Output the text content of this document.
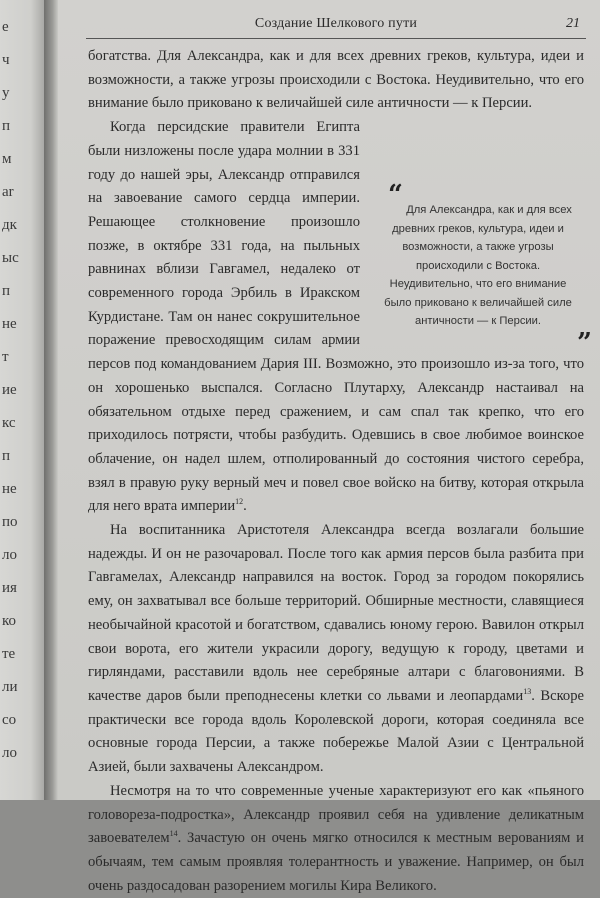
e
ч
у
п
м
ar
дк
ыс
п
не
т
ие
кс
п
не
по
ло
ия
ко
те
ли
со
ло
Создание Шелкового пути	21

богатства. Для Александра, как и для всех древних греков, культура, идеи и возможности, а также угрозы происходили с Востока. Неудивительно, что его внимание было приковано к величайшей силе античности — к Персии.

“ Для Александра, как и для всех древних греков, культура, идеи и возможности, а также угрозы происходили с Востока. Неудивительно, что его внимание было приковано к величайшей силе античности — к Персии.
”
Когда персидские правители Египта были низложены после удара молнии в 331 году до нашей эры, Александр отправился на завоевание самого сердца империи. Решающее столкновение произошло позже, в октябре 331 года, на пыльных равнинах вблизи Гавгамел, недалеко от современного города Эрбиль в Иракском Курдистане. Там он нанес сокрушительное поражение превосходящим силам армии персов под командованием Дария III. Возможно, это произошло из-за того, что он хорошенько выспался. Согласно Плутарху, Александр настаивал на обязательном отдыхе перед сражением, и сам спал так крепко, что его приходилось потрясти, чтобы разбудить. Одевшись в свое любимое воинское облачение, он надел шлем, отполированный до состояния чистого серебра, взял в правую руку верный меч и повел свое войско на битву, которая открыла для него врата империи$^{12}$.

На воспитанника Аристотеля Александра всегда возлагали большие надежды. И он не разочаровал. После того как армия персов была разбита при Гавгамелах, Александр направился на восток. Город за городом покорялись ему, он захватывал все больше территорий. Обширные местности, славящиеся необычайной красотой и богатством, сдавались юному герою. Вавилон открыл свои ворота, его жители украсили дорогу, ведущую к городу, цветами и гирляндами, расставили вдоль нее серебряные алтари с благовониями. В качестве даров были преподнесены клетки со львами и леопардами$^{13}$. Вскоре практически все города вдоль Королевской дороги, которая соединяла все основные города Персии, а также побережье Малой Азии с Центральной Азией, были захвачены Александром.

Несмотря на то что современные ученые характеризуют его как «пьяного головореза-подростка», Александр проявил себя на удивление деликатным завоевателем$^{14}$. Зачастую он очень мягко относился к местным верованиям и обычаям, тем самым проявляя толерантность и уважение. Например, он был очень раздосадован разорением могилы Кира Великого.
